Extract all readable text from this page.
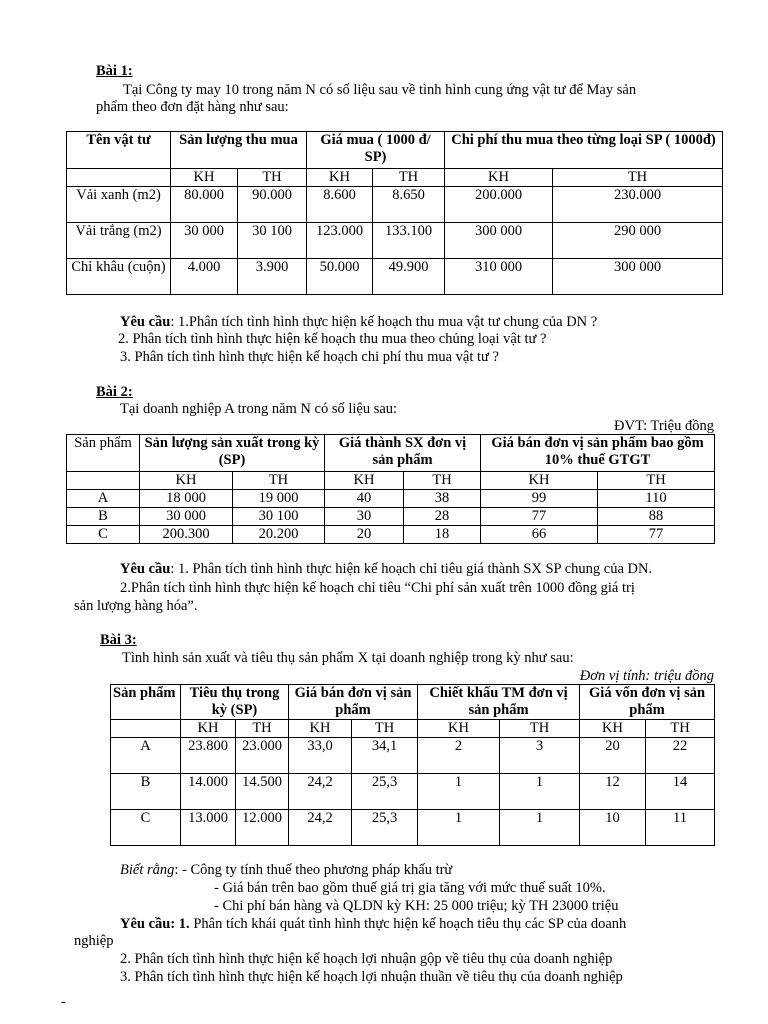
Bài 1:
Tại Công ty may 10 trong năm N có số liệu sau về tình hình cung ứng vật tư để May sản
phẩm theo đơn đặt hàng như sau:
Tên vật tư	Sản lượng thu mua		Giá mua ( 1000 đ/ SP)		Chi phí thu mua theo từng loại SP ( 1000đ)	
	KH	TH	KH	TH	KH	TH
Vải xanh (m2)	80.000	90.000	8.600	8.650	200.000	230.000
Vải trắng (m2)	30 000	30 100	123.000	133.100	300 000	290 000
Chỉ khâu (cuộn)	4.000	3.900	50.000	49.900	310 000	300 000
Yêu cầu: 1.Phân tích tình hình thực hiện kế hoạch thu mua vật tư chung của DN ?
2. Phân tích tình hình thực hiện kế hoạch thu mua theo chủng loại vật tư ?
3. Phân tích tình hình thực hiện kế hoạch chi phí thu mua vật tư ?
Bài 2:
Tại doanh nghiệp A trong năm N có số liệu sau:
ĐVT: Triệu đồng
Sản phẩm	Sản lượng sản xuất trong kỳ (SP)		Giá thành SX đơn vị sản phẩm		Giá bán đơn vị sản phẩm bao gồm 10% thuế GTGT	
	KH	TH	KH	TH	KH	TH
A	18 000	19 000	40	38	99	110
B	30 000	30 100	30	28	77	88
C	200.300	20.200	20	18	66	77
Yêu cầu: 1. Phân tích tình hình thực hiện kế hoạch chỉ tiêu giá thành SX SP chung của DN.
2.Phân tích tình hình thực hiện kế hoạch chỉ tiêu “Chi phí sản xuất trên 1000 đồng giá trị
sản lượng hàng hóa”.
Bài 3:
Tình hình sản xuất và tiêu thụ sản phẩm X tại doanh nghiệp trong kỳ như sau:
Đơn vị tính: triệu đồng
Sản phẩm	Tiêu thụ trong kỳ (SP)		Giá bán đơn vị sản phẩm		Chiết khấu TM đơn vị sản phẩm		Giá vốn đơn vị sản phẩm	
	KH	TH	KH	TH	KH	TH	KH	TH
A	23.800	23.000	33,0	34,1	2	3	20	22
B	14.000	14.500	24,2	25,3	1	1	12	14
C	13.000	12.000	24,2	25,3	1	1	10	11
Biết rằng: - Công ty tính thuế theo phương pháp khấu trừ
- Giá bán trên bao gồm thuế giá trị gia tăng với mức thuế suất 10%.
- Chi phí bán hàng và QLDN kỳ KH: 25 000 triệu; kỳ TH 23000 triệu
Yêu cầu: 1. Phân tích khái quát tình hình thực hiện kế hoạch tiêu thụ các SP của doanh
nghiệp
2. Phân tích tình hình thực hiện kế hoạch lợi nhuận gộp về tiêu thụ của doanh nghiệp
3. Phân tích tình hình thực hiện kế hoạch lợi nhuận thuần về tiêu thụ của doanh nghiệp
-
